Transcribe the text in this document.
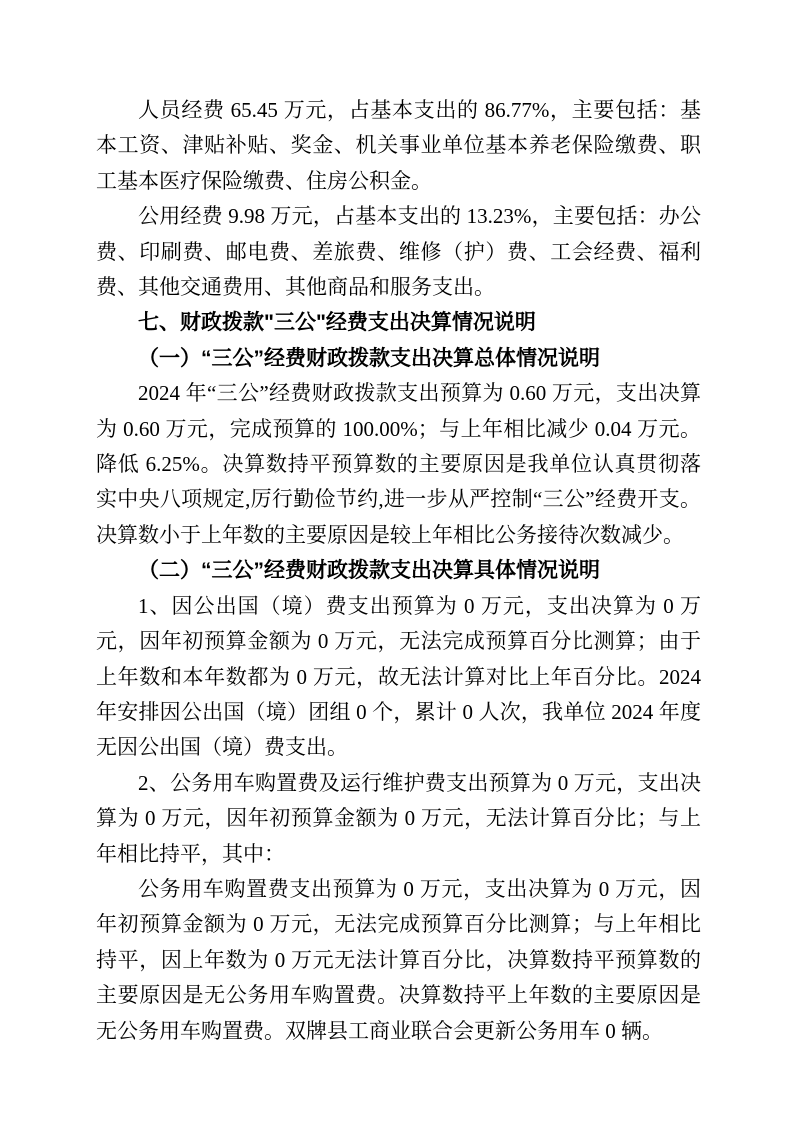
人员经费 65.45 万元，占基本支出的 86.77%，主要包括：基本工资、津贴补贴、奖金、机关事业单位基本养老保险缴费、职工基本医疗保险缴费、住房公积金。

公用经费 9.98 万元，占基本支出的 13.23%，主要包括：办公费、印刷费、邮电费、差旅费、维修（护）费、工会经费、福利费、其他交通费用、其他商品和服务支出。

七、财政拨款"三公"经费支出决算情况说明

（一）“三公”经费财政拨款支出决算总体情况说明

2024 年“三公”经费财政拨款支出预算为 0.60 万元，支出决算为 0.60 万元，完成预算的 100.00%；与上年相比减少 0.04 万元。降低 6.25%。决算数持平预算数的主要原因是我单位认真贯彻落实中央八项规定,厉行勤俭节约,进一步从严控制“三公”经费开支。决算数小于上年数的主要原因是较上年相比公务接待次数减少。

（二）“三公”经费财政拨款支出决算具体情况说明

1、因公出国（境）费支出预算为 0 万元，支出决算为 0 万元，因年初预算金额为 0 万元，无法完成预算百分比测算；由于上年数和本年数都为 0 万元，故无法计算对比上年百分比。2024 年安排因公出国（境）团组 0 个，累计 0 人次，我单位 2024 年度无因公出国（境）费支出。

2、公务用车购置费及运行维护费支出预算为 0 万元，支出决算为 0 万元，因年初预算金额为 0 万元，无法计算百分比；与上年相比持平，其中：

公务用车购置费支出预算为 0 万元，支出决算为 0 万元，因年初预算金额为 0 万元，无法完成预算百分比测算；与上年相比持平，因上年数为 0 万元无法计算百分比，决算数持平预算数的主要原因是无公务用车购置费。决算数持平上年数的主要原因是无公务用车购置费。双牌县工商业联合会更新公务用车 0 辆。
